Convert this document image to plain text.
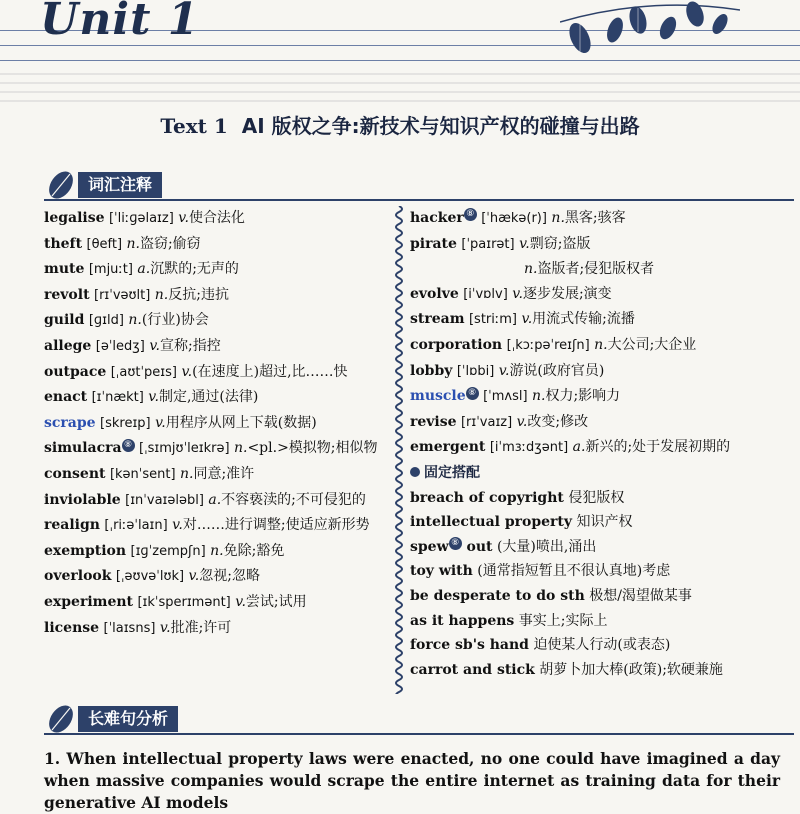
Unit 1
Text 1 AI 版权之争:新技术与知识产权的碰撞与出路
词汇注释
legalise [ˈliːɡəlaɪz] v.使合法化
theft [θeft] n.盗窃;偷窃
mute [mjuːt] a.沉默的;无声的
revolt [rɪˈvəʊlt] n.反抗;违抗
guild [ɡɪld] n.(行业)协会
allege [əˈledʒ] v.宣称;指控
outpace [ˌaʊtˈpeɪs] v.(在速度上)超过,比……快
enact [ɪˈnækt] v.制定,通过(法律)
scrape [skreɪp] v.用程序从网上下载(数据)
simulacra ⑧ [ˌsɪmjʊˈleɪkrə] n.<pl.>模拟物;相似物
consent [kənˈsent] n.同意;准许
inviolable [ɪnˈvaɪələbl] a.不容亵渎的;不可侵犯的
realign [ˌriːəˈlaɪn] v.对……进行调整;使适应新形势
exemption [ɪɡˈzempʃn] n.免除;豁免
overlook [ˌəʊvəˈlʊk] v.忽视;忽略
experiment [ɪkˈsperɪmənt] v.尝试;试用
license [ˈlaɪsns] v.批准;许可
hacker ⑧ [ˈhækə(r)] n.黑客;骇客
pirate [ˈpaɪrət] v.剽窃;盗版
n.盗版者;侵犯版权者
evolve [iˈvɒlv] v.逐步发展;演变
stream [striːm] v.用流式传输;流播
corporation [ˌkɔːpəˈreɪʃn] n.大公司;大企业
lobby [ˈlɒbi] v.游说(政府官员)
muscle ⑧ [ˈmʌsl] n.权力;影响力
revise [rɪˈvaɪz] v.改变;修改
emergent [iˈmɜːdʒənt] a.新兴的;处于发展初期的
固定搭配
breach of copyright 侵犯版权
intellectual property 知识产权
spew ⑧ out (大量)喷出,涌出
toy with (通常指短暂且不很认真地)考虑
be desperate to do sth 极想/渴望做某事
as it happens 事实上;实际上
force sb's hand 迫使某人行动(或表态)
carrot and stick 胡萝卜加大棒(政策);软硬兼施
长难句分析

1. When intellectual property laws were enacted, no one could have imagined a day when massive companies would scrape the entire internet as training data for their generative AI models
